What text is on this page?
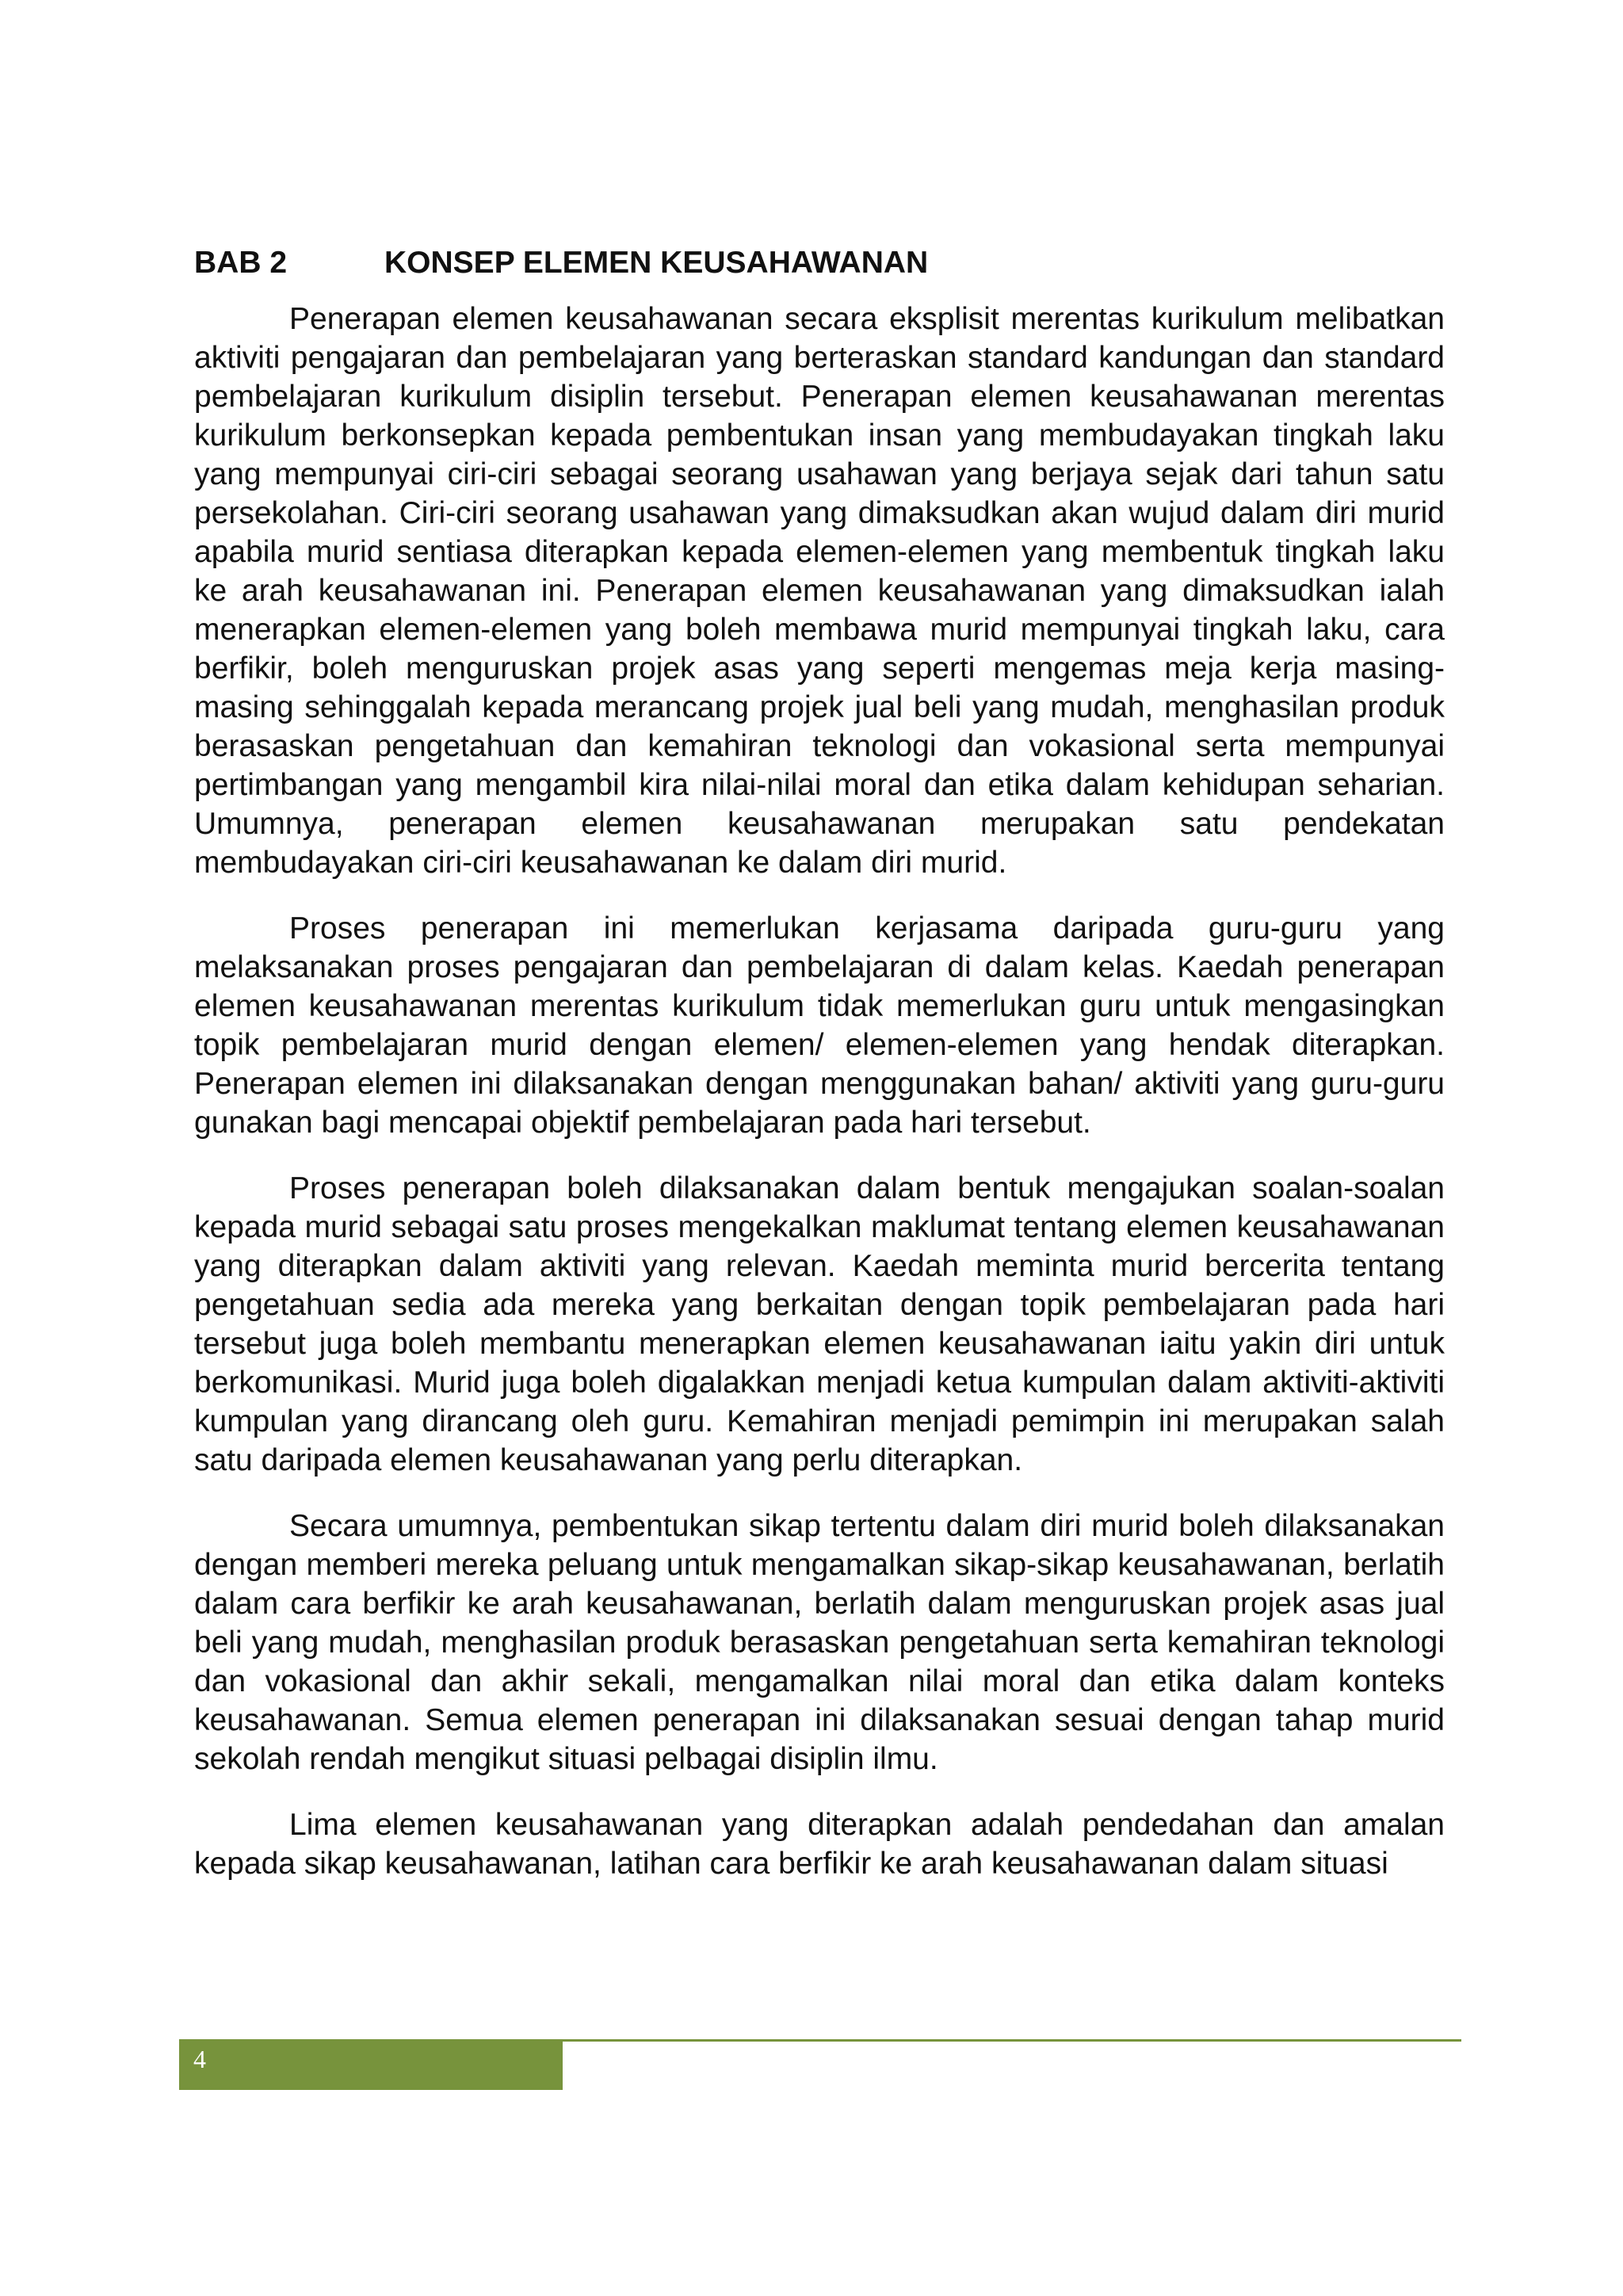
BAB 2	KONSEP ELEMEN KEUSAHAWANAN

Penerapan elemen keusahawanan secara eksplisit merentas kurikulum melibatkan aktiviti pengajaran dan pembelajaran yang berteraskan standard kandungan dan standard pembelajaran kurikulum disiplin tersebut. Penerapan elemen keusahawanan merentas kurikulum berkonsepkan kepada pembentukan insan yang membudayakan tingkah laku yang mempunyai ciri-ciri sebagai seorang usahawan yang berjaya sejak dari tahun satu persekolahan. Ciri-ciri seorang usahawan yang dimaksudkan akan wujud dalam diri murid apabila murid sentiasa diterapkan kepada elemen-elemen yang membentuk tingkah laku ke arah keusahawanan ini. Penerapan elemen keusahawanan yang dimaksudkan ialah menerapkan elemen-elemen yang boleh membawa murid mempunyai tingkah laku, cara berfikir, boleh menguruskan projek asas yang seperti mengemas meja kerja masing-masing sehinggalah kepada merancang projek jual beli yang mudah, menghasilan produk berasaskan pengetahuan dan kemahiran teknologi dan vokasional serta mempunyai pertimbangan yang mengambil kira nilai-nilai moral dan etika dalam kehidupan seharian. Umumnya, penerapan elemen keusahawanan merupakan satu pendekatan membudayakan ciri-ciri keusahawanan ke dalam diri murid.

Proses penerapan ini memerlukan kerjasama daripada guru-guru yang melaksanakan proses pengajaran dan pembelajaran di dalam kelas. Kaedah penerapan elemen keusahawanan merentas kurikulum tidak memerlukan guru untuk mengasingkan topik pembelajaran murid dengan elemen/ elemen-elemen yang hendak diterapkan. Penerapan elemen ini dilaksanakan dengan menggunakan bahan/ aktiviti yang guru-guru gunakan bagi mencapai objektif pembelajaran pada hari tersebut.

Proses penerapan boleh dilaksanakan dalam bentuk mengajukan soalan-soalan kepada murid sebagai satu proses mengekalkan maklumat tentang elemen keusahawanan yang diterapkan dalam aktiviti yang relevan. Kaedah meminta murid bercerita tentang pengetahuan sedia ada mereka yang berkaitan dengan topik pembelajaran pada hari tersebut juga boleh membantu menerapkan elemen keusahawanan iaitu yakin diri untuk berkomunikasi. Murid juga boleh digalakkan menjadi ketua kumpulan dalam aktiviti-aktiviti kumpulan yang dirancang oleh guru. Kemahiran menjadi pemimpin ini merupakan salah satu daripada elemen keusahawanan yang perlu diterapkan.

Secara umumnya, pembentukan sikap tertentu dalam diri murid boleh dilaksanakan dengan memberi mereka peluang untuk mengamalkan sikap-sikap keusahawanan, berlatih dalam cara berfikir ke arah keusahawanan, berlatih dalam menguruskan projek asas jual beli yang mudah, menghasilan produk berasaskan pengetahuan serta kemahiran teknologi dan vokasional dan akhir sekali, mengamalkan nilai moral dan etika dalam konteks keusahawanan. Semua elemen penerapan ini dilaksanakan sesuai dengan tahap murid sekolah rendah mengikut situasi pelbagai disiplin ilmu.

Lima elemen keusahawanan yang diterapkan adalah pendedahan dan amalan kepada sikap keusahawanan, latihan cara berfikir ke arah keusahawanan dalam situasi

4
